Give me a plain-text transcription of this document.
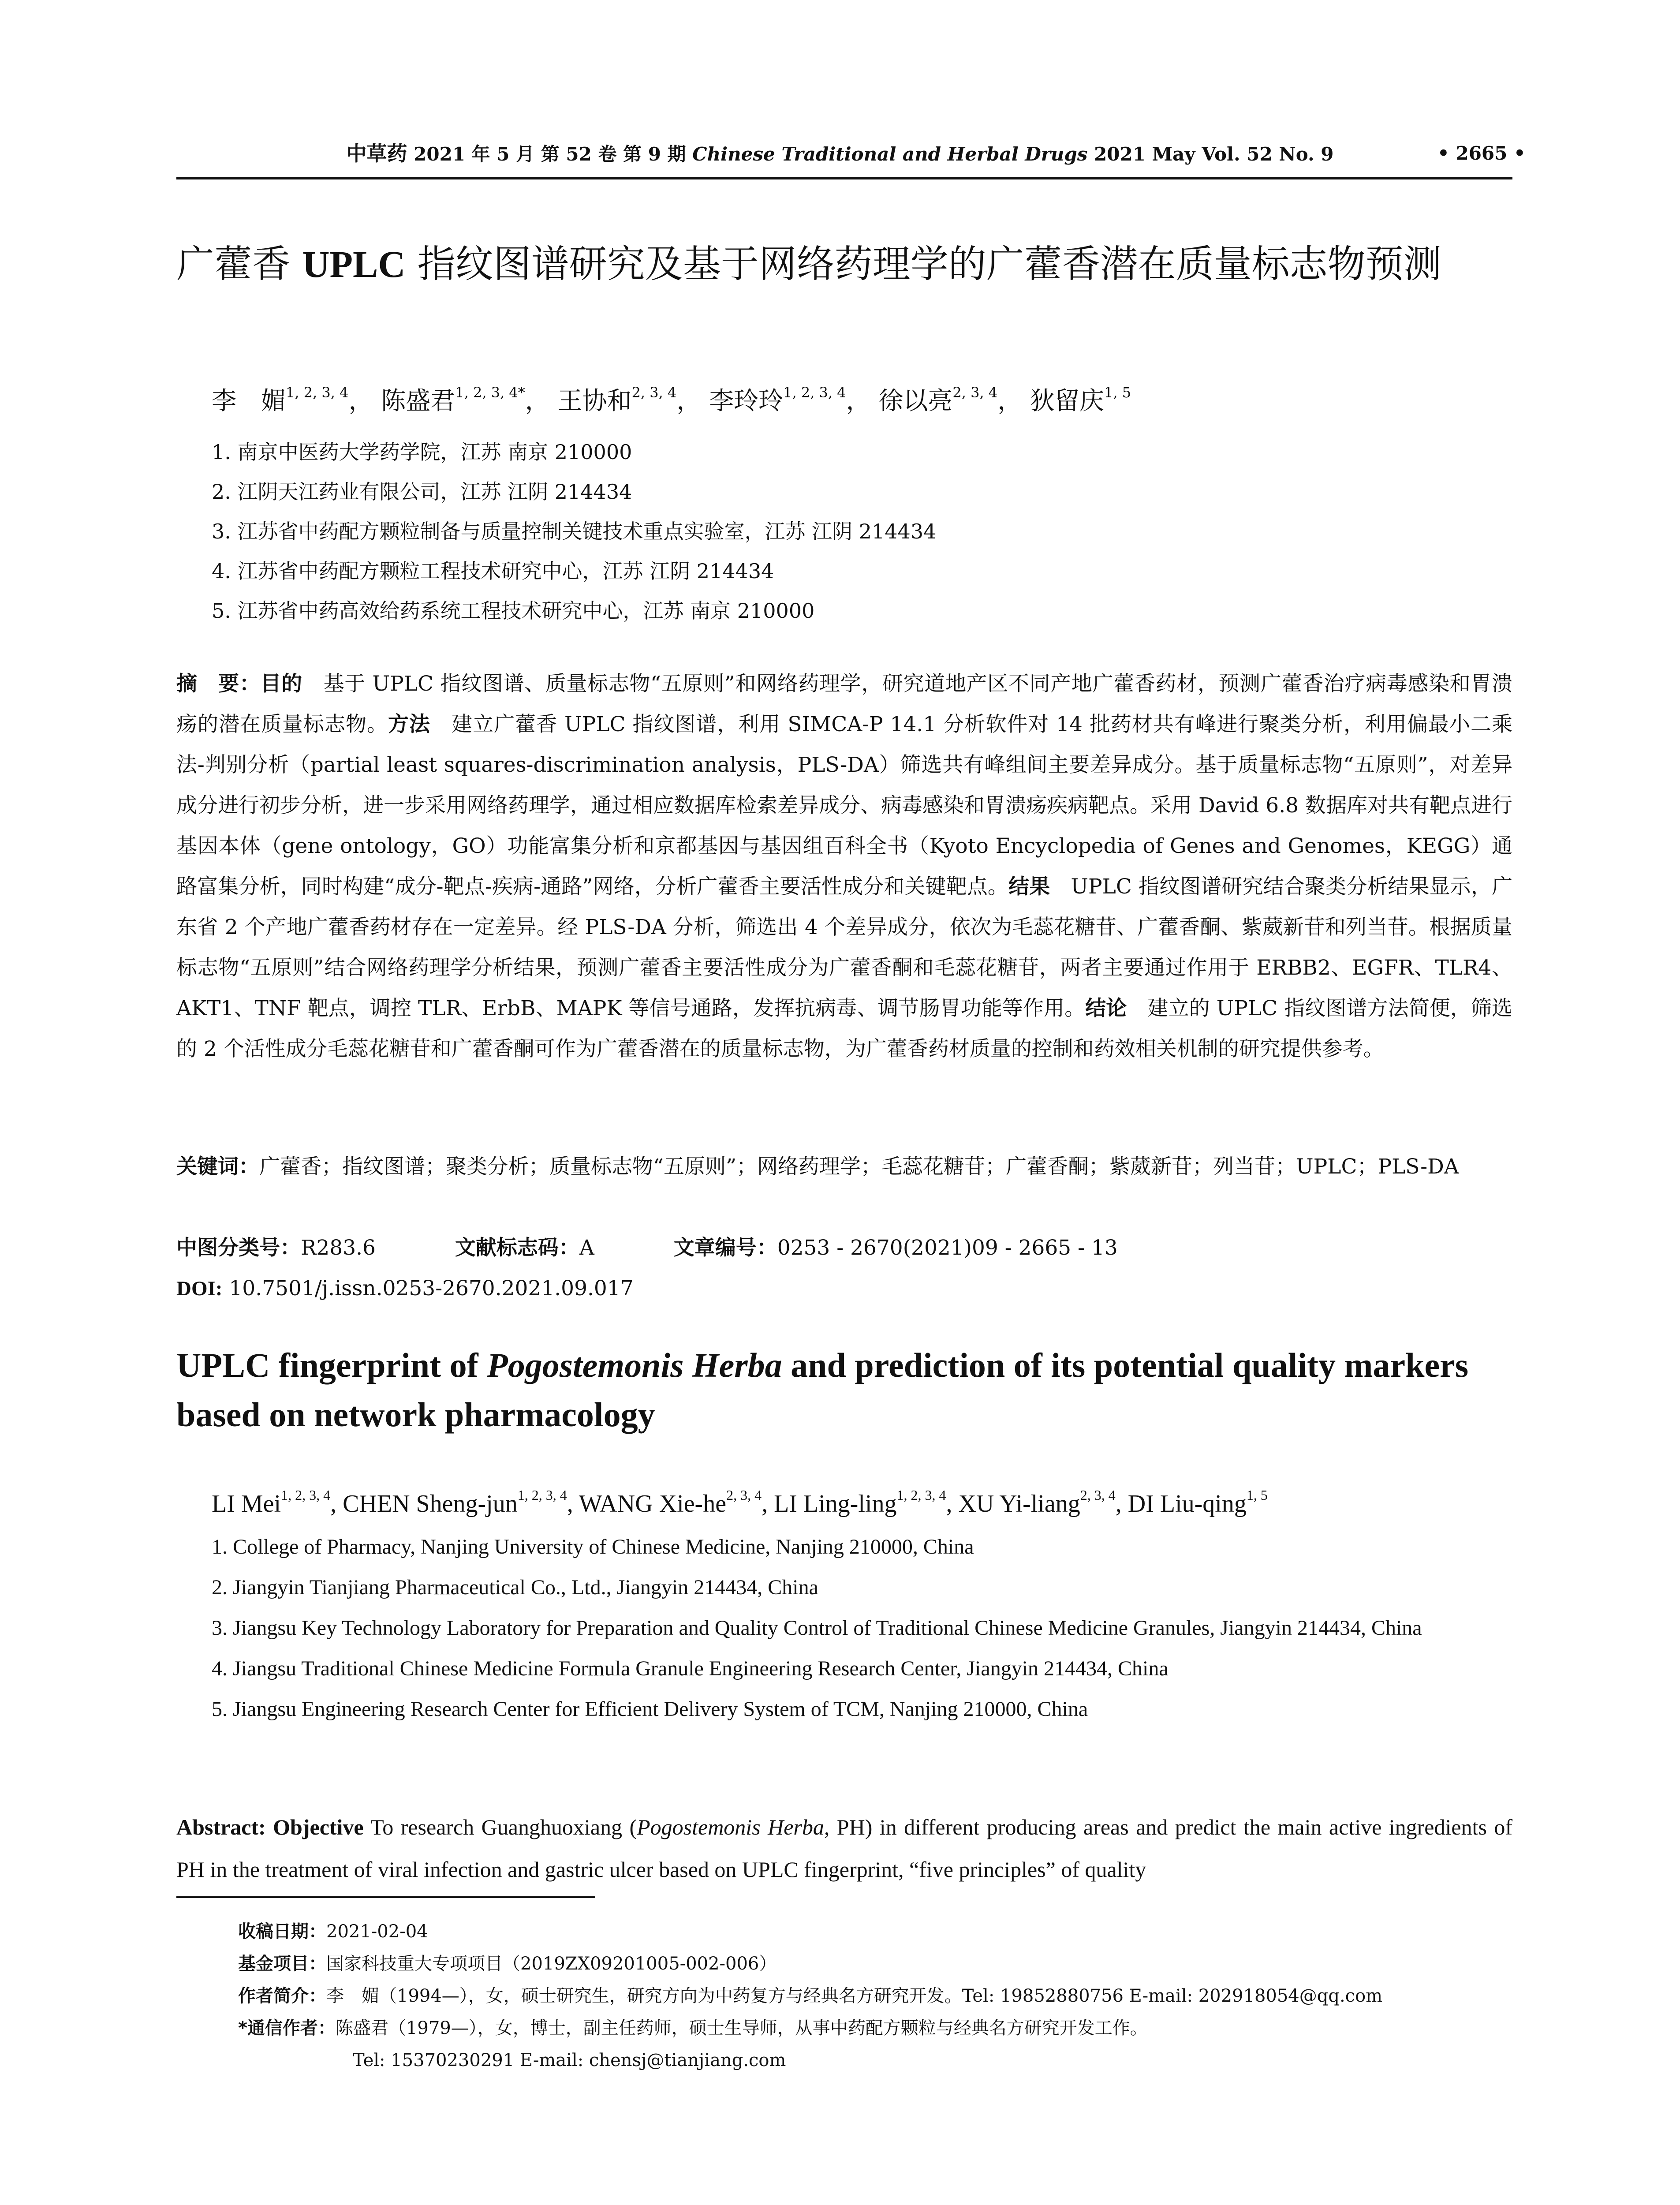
中草药 2021 年 5 月 第 52 卷 第 9 期 Chinese Traditional and Herbal Drugs 2021 May Vol. 52 No. 9	• 2665 •
广藿香 UPLC 指纹图谱研究及基于网络药理学的广藿香潜在质量标志物预测
李　媚$^{1, 2, 3, 4}$， 陈盛君$^{1, 2, 3, 4*}$， 王协和$^{2, 3, 4}$， 李玲玲$^{1, 2, 3, 4}$， 徐以亮$^{2, 3, 4}$， 狄留庆$^{1, 5}$
1. 南京中医药大学药学院，江苏 南京 210000
2. 江阴天江药业有限公司，江苏 江阴 214434
3. 江苏省中药配方颗粒制备与质量控制关键技术重点实验室，江苏 江阴 214434
4. 江苏省中药配方颗粒工程技术研究中心，江苏 江阴 214434
5. 江苏省中药高效给药系统工程技术研究中心，江苏 南京 210000
摘　要：目的　基于 UPLC 指纹图谱、质量标志物“五原则”和网络药理学，研究道地产区不同产地广藿香药材，预测广藿香治疗病毒感染和胃溃疡的潜在质量标志物。方法　建立广藿香 UPLC 指纹图谱，利用 SIMCA-P 14.1 分析软件对 14 批药材共有峰进行聚类分析，利用偏最小二乘法-判别分析（partial least squares-discrimination analysis，PLS-DA）筛选共有峰组间主要差异成分。基于质量标志物“五原则”，对差异成分进行初步分析，进一步采用网络药理学，通过相应数据库检索差异成分、病毒感染和胃溃疡疾病靶点。采用 David 6.8 数据库对共有靶点进行基因本体（gene ontology，GO）功能富集分析和京都基因与基因组百科全书（Kyoto Encyclopedia of Genes and Genomes，KEGG）通路富集分析，同时构建“成分-靶点-疾病-通路”网络，分析广藿香主要活性成分和关键靶点。结果　UPLC 指纹图谱研究结合聚类分析结果显示，广东省 2 个产地广藿香药材存在一定差异。经 PLS-DA 分析，筛选出 4 个差异成分，依次为毛蕊花糖苷、广藿香酮、紫葳新苷和列当苷。根据质量标志物“五原则”结合网络药理学分析结果，预测广藿香主要活性成分为广藿香酮和毛蕊花糖苷，两者主要通过作用于 ERBB2、EGFR、TLR4、AKT1、TNF 靶点，调控 TLR、ErbB、MAPK 等信号通路，发挥抗病毒、调节肠胃功能等作用。结论　建立的 UPLC 指纹图谱方法简便，筛选的 2 个活性成分毛蕊花糖苷和广藿香酮可作为广藿香潜在的质量标志物，为广藿香药材质量的控制和药效相关机制的研究提供参考。
关键词：广藿香；指纹图谱；聚类分析；质量标志物“五原则”；网络药理学；毛蕊花糖苷；广藿香酮；紫葳新苷；列当苷；UPLC；PLS-DA
中图分类号：R283.6	文献标志码：A	文章编号：0253 - 2670(2021)09 - 2665 - 13
DOI: 10.7501/j.issn.0253-2670.2021.09.017
UPLC fingerprint of Pogostemonis Herba and prediction of its potential quality markers based on network pharmacology
LI Mei$^{1, 2, 3, 4}$, CHEN Sheng-jun$^{1, 2, 3, 4}$, WANG Xie-he$^{2, 3, 4}$, LI Ling-ling$^{1, 2, 3, 4}$, XU Yi-liang$^{2, 3, 4}$, DI Liu-qing$^{1, 5}$
1. College of Pharmacy, Nanjing University of Chinese Medicine, Nanjing 210000, China
2. Jiangyin Tianjiang Pharmaceutical Co., Ltd., Jiangyin 214434, China
3. Jiangsu Key Technology Laboratory for Preparation and Quality Control of Traditional Chinese Medicine Granules, Jiangyin 214434, China
4. Jiangsu Traditional Chinese Medicine Formula Granule Engineering Research Center, Jiangyin 214434, China
5. Jiangsu Engineering Research Center for Efficient Delivery System of TCM, Nanjing 210000, China
Abstract: Objective To research Guanghuoxiang (Pogostemonis Herba, PH) in different producing areas and predict the main active ingredients of PH in the treatment of viral infection and gastric ulcer based on UPLC fingerprint, “five principles” of quality
收稿日期：2021-02-04
基金项目：国家科技重大专项项目（2019ZX09201005-002-006）
作者简介：李　媚（1994—），女，硕士研究生，研究方向为中药复方与经典名方研究开发。Tel: 19852880756 E-mail: 202918054@qq.com
*通信作者：陈盛君（1979—），女，博士，副主任药师，硕士生导师，从事中药配方颗粒与经典名方研究开发工作。
Tel: 15370230291 E-mail: chensj@tianjiang.com
